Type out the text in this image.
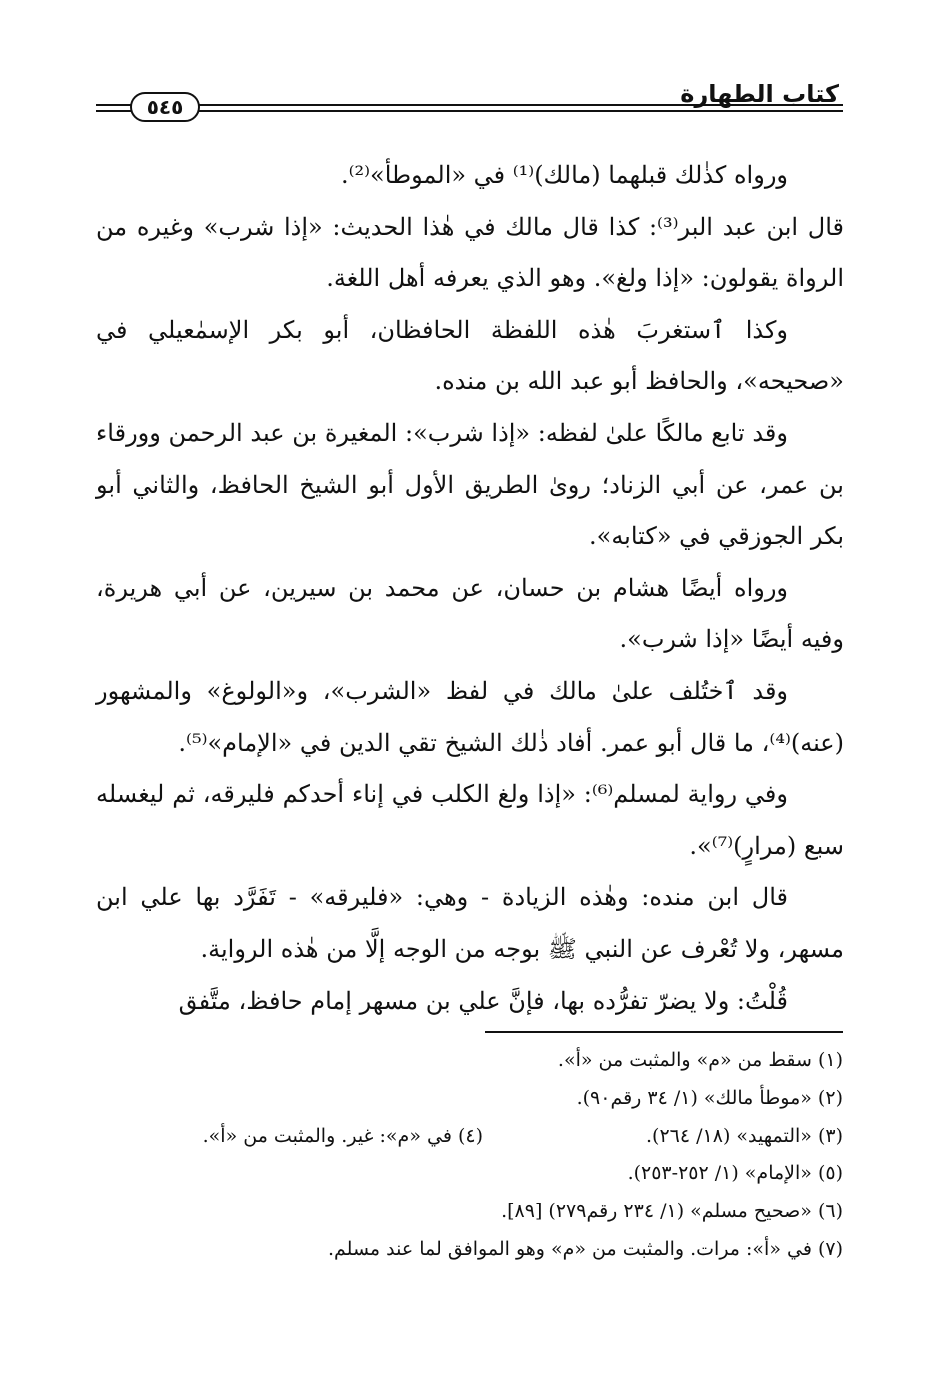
كتاب الطهارة
٥٤٥

ورواه كذٰلك قبلهما (مالك)⁽¹⁾ في «الموطأ»⁽²⁾.

قال ابن عبد البر⁽³⁾: كذا قال مالك في هٰذا الحديث: «إذا شرب» وغيره من الرواة يقولون: «إذا ولغ». وهو الذي يعرفه أهل اللغة.

وكذا ٱستغربَ هٰذه اللفظة الحافظان، أبو بكر الإسمٰعيلي في «صحيحه»، والحافظ أبو عبد الله بن منده.

وقد تابع مالكًا علىٰ لفظه: «إذا شرب»: المغيرة بن عبد الرحمن وورقاء بن عمر، عن أبي الزناد؛ روىٰ الطريق الأول أبو الشيخ الحافظ، والثاني أبو بكر الجوزقي في «كتابه».

ورواه أيضًا هشام بن حسان، عن محمد بن سيرين، عن أبي هريرة، وفيه أيضًا «إذا شرب».

وقد ٱختُلف علىٰ مالك في لفظ «الشرب»، و«الولوغ» والمشهور (عنه)⁽⁴⁾، ما قال أبو عمر. أفاد ذٰلك الشيخ تقي الدين في «الإمام»⁽⁵⁾.

وفي رواية لمسلم⁽⁶⁾: «إذا ولغ الكلب في إناء أحدكم فليرقه، ثم ليغسله سبع (مرارٍ)⁽⁷⁾».

قال ابن منده: وهٰذه الزيادة - وهي: «فليرقه» - تَفَرَّد بها علي ابن مسهر، ولا تُعْرف عن النبي ﷺ بوجه من الوجه إلَّا من هٰذه الرواية.

قُلْتُ: ولا يضرّ تفرُّده بها، فإنَّ علي بن مسهر إمام حافظ، متَّفق

(١) سقط من «م» والمثبت من «أ».
(٢) «موطأ مالك» (١/ ٣٤ رقم٩٠).
(٣) «التمهيد» (١٨/ ٢٦٤).
(٤) في «م»: غير. والمثبت من «أ».
(٥) «الإمام» (١/ ٢٥٢-٢٥٣).
(٦) «صحيح مسلم» (١/ ٢٣٤ رقم٢٧٩) [٨٩].
(٧) في «أ»: مرات. والمثبت من «م» وهو الموافق لما عند مسلم.
